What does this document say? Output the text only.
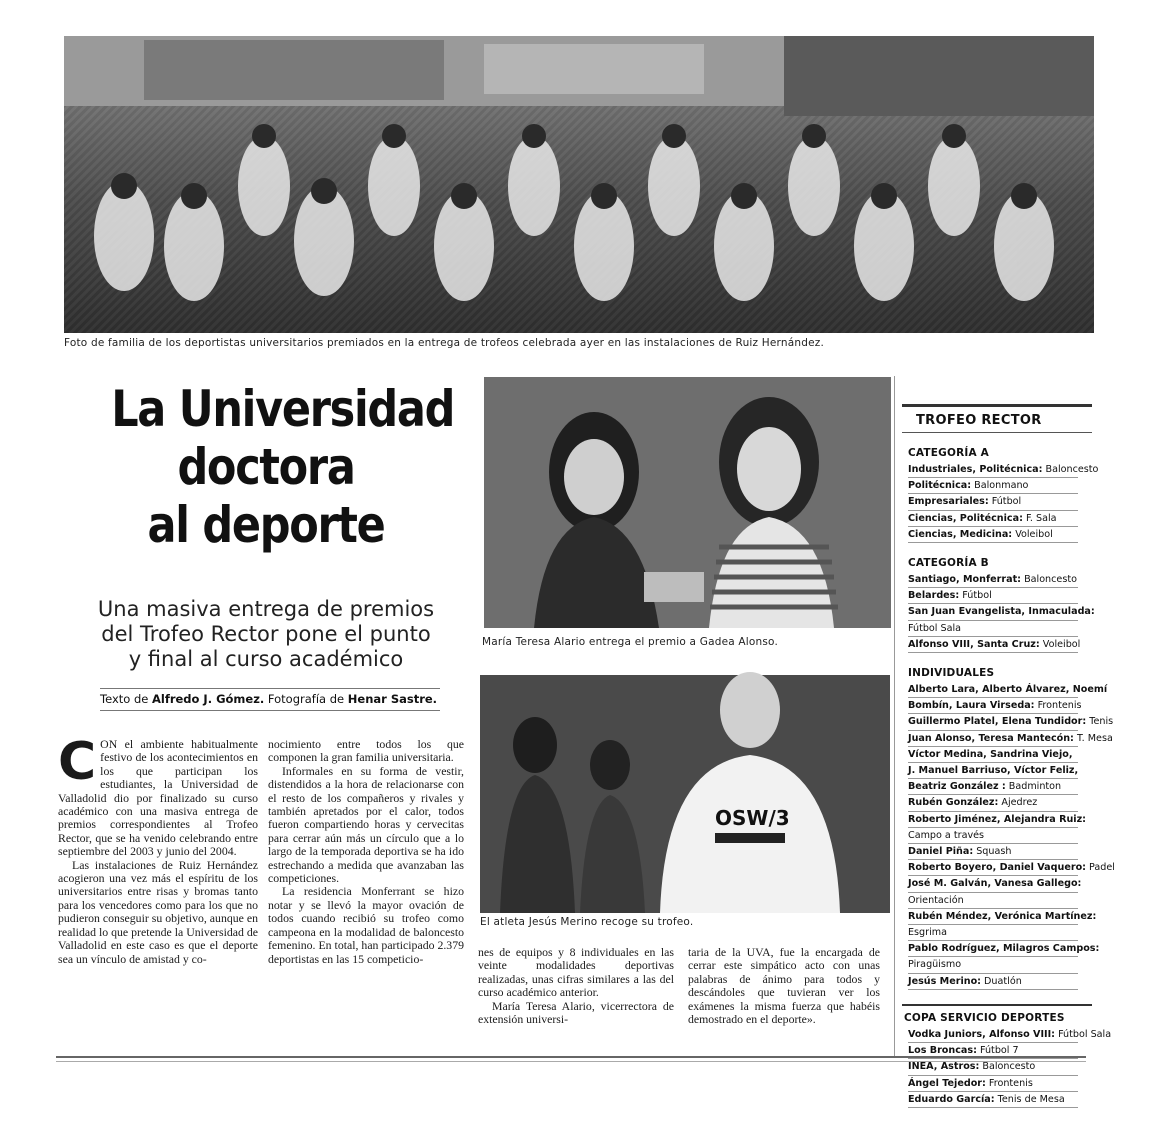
Foto de familia de los deportistas universitarios premiados en la entrega de trofeos celebrada ayer en las instalaciones de Ruiz Hernández.
La Universidad
doctora
al deporte
Una masiva entrega de premios
del Trofeo Rector pone el punto
y final al curso académico
Texto de Alfredo J. Gómez. Fotografía de Henar Sastre.

CON el ambiente habitualmente festivo de los acontecimientos en los que participan los estudiantes, la Universidad de Valladolid dio por finalizado su curso académico con una masiva entrega de premios correspondientes al Trofeo Rector, que se ha venido celebrando entre septiembre del 2003 y junio del 2004.

Las instalaciones de Ruiz Hernández acogieron una vez más el espíritu de los universitarios entre risas y bromas tanto para los vencedores como para los que no pudieron conseguir su objetivo, aunque en realidad lo que pretende la Universidad de Valladolid en este caso es que el deporte sea un vínculo de amistad y co-

nocimiento entre todos los que componen la gran familia universitaria.

Informales en su forma de vestir, distendidos a la hora de relacionarse con el resto de los compañeros y rivales y también apretados por el calor, todos fueron compartiendo horas y cervecitas para cerrar aún más un círculo que a lo largo de la temporada deportiva se ha ido estrechando a medida que avanzaban las competiciones.

La residencia Monferrant se hizo notar y se llevó la mayor ovación de todos cuando recibió su trofeo como campeona en la modalidad de baloncesto femenino. En total, han participado 2.379 deportistas en las 15 competicio-	nes de equipos y 8 individuales en las veinte modalidades deportivas realizadas, unas cifras similares a las del curso académico anterior.

María Teresa Alario, vicerrectora de extensión universi-

taria de la UVA, fue la encargada de cerrar este simpático acto con unas palabras de ánimo para todos y descándoles que tuvieran ver los exámenes la misma fuerza que habéis demostrado en el deporte».

María Teresa Alario entrega el premio a Gadea Alonso.
OSW/3
El atleta Jesús Merino recoge su trofeo.
TROFEO RECTOR
CATEGORÍA A
Industriales, Politécnica: Baloncesto
Politécnica: Balonmano
Empresariales: Fútbol
Ciencias, Politécnica: F. Sala
Ciencias, Medicina: Voleibol
CATEGORÍA B
Santiago, Monferrat: Baloncesto
Belardes: Fútbol
San Juan Evangelista, Inmaculada:
Fútbol Sala
Alfonso VIII, Santa Cruz: Voleibol
INDIVIDUALES
Alberto Lara, Alberto Álvarez, Noemí
Bombín, Laura Virseda: Frontenis
Guillermo Platel, Elena Tundidor: Tenis
Juan Alonso, Teresa Mantecón: T. Mesa
Víctor Medina, Sandrina Viejo,
J. Manuel Barriuso, Víctor Feliz,
Beatriz González : Badminton
Rubén González: Ajedrez
Roberto Jiménez, Alejandra Ruiz:
Campo a través
Daniel Piña: Squash
Roberto Boyero, Daniel Vaquero: Padel
José M. Galván, Vanesa Gallego:
Orientación
Rubén Méndez, Verónica Martínez:
Esgrima
Pablo Rodríguez, Milagros Campos:
Piragüismo
Jesús Merino: Duatlón
COPA SERVICIO DEPORTES
Vodka Juniors, Alfonso VIII: Fútbol Sala
Los Broncas: Fútbol 7
INEA, Astros: Baloncesto
Ángel Tejedor: Frontenis
Eduardo García: Tenis de Mesa
